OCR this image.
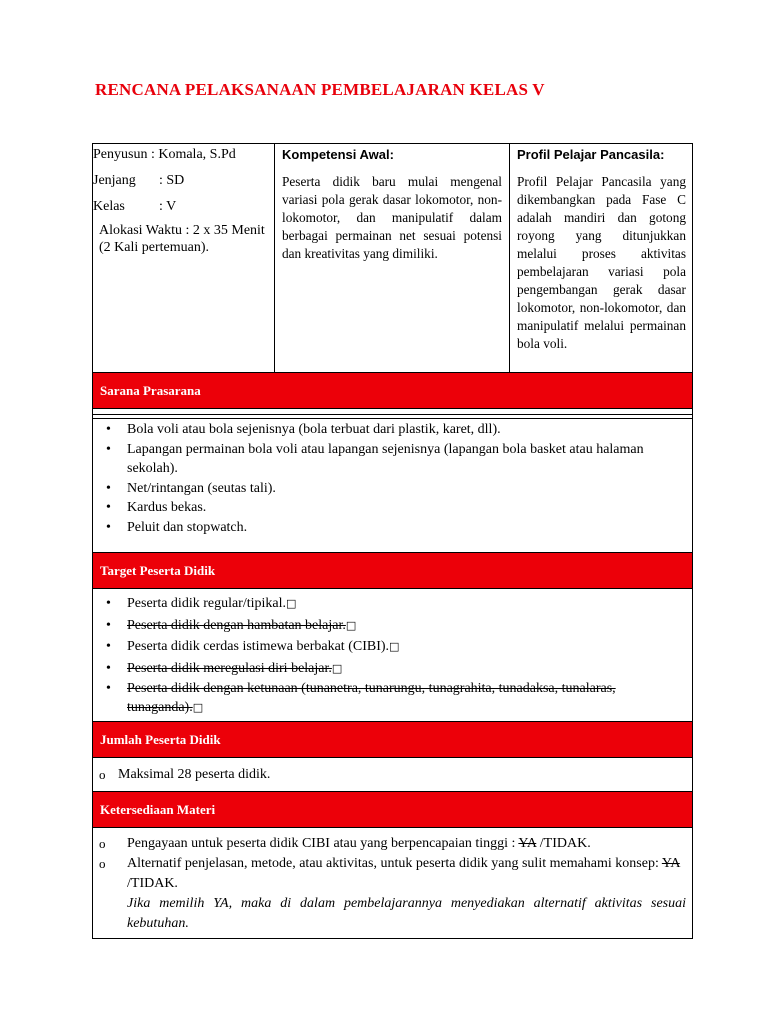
RENCANA PELAKSANAAN PEMBELAJARAN KELAS V
Penyusun : Komala, S.Pd
Jenjang	: SD
Kelas	: V
Alokasi Waktu : 2 x 35 Menit (2 Kali pertemuan).
Kompetensi Awal:
Peserta didik baru mulai mengenal variasi pola gerak dasar lokomotor, non-lokomotor, dan manipulatif dalam berbagai permainan net sesuai potensi dan kreativitas yang dimiliki.
Profil Pelajar Pancasila:
Profil Pelajar Pancasila yang dikembangkan pada Fase C adalah mandiri dan gotong royong yang ditunjukkan melalui proses aktivitas pembelajaran variasi pola pengembangan gerak dasar lokomotor, non-lokomotor, dan manipulatif melalui permainan bola voli.
Sarana Prasarana
• Bola voli atau bola sejenisnya (bola terbuat dari plastik, karet, dll).
• Lapangan permainan bola voli atau lapangan sejenisnya (lapangan bola basket atau halaman sekolah).
• Net/rintangan (seutas tali).
• Kardus bekas.
• Peluit dan stopwatch.
Target Peserta Didik
• Peserta didik regular/tipikal.□
• Peserta didik dengan hambatan belajar.□
• Peserta didik cerdas istimewa berbakat (CIBI).□
• Peserta didik meregulasi diri belajar.□
• Peserta didik dengan ketunaan (tunanetra, tunarungu, tunagrahita, tunadaksa, tunalaras, tunaganda).□
Jumlah Peserta Didik
o Maksimal 28 peserta didik.
Ketersediaan Materi
o Pengayaan untuk peserta didik CIBI atau yang berpencapaian tinggi : YA /TIDAK.
o Alternatif penjelasan, metode, atau aktivitas, untuk peserta didik yang sulit memahami konsep: YA /TIDAK.
Jika memilih YA, maka di dalam pembelajarannya menyediakan alternatif aktivitas sesuai kebutuhan.
